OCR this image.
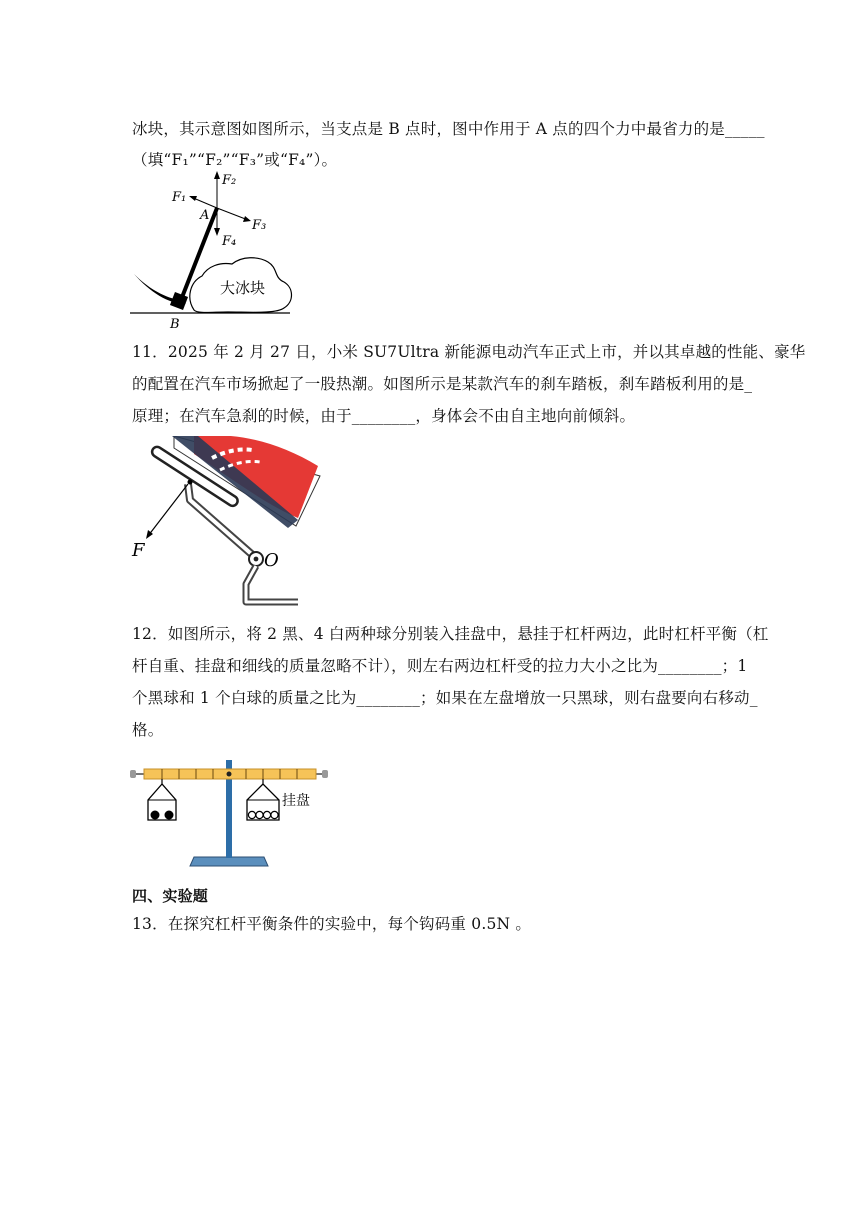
冰块，其示意图如图所示，当支点是 B 点时，图中作用于 A 点的四个力中最省力的是_____
（填“F₁”“F₂”“F₃”或“F₄”）。
大冰块
F₁
F₂
F₃
F₄
A
B
11．2025 年 2 月 27 日，小米 SU7Ultra 新能源电动汽车正式上市，并以其卓越的性能、豪华
的配置在汽车市场掀起了一股热潮。如图所示是某款汽车的刹车踏板，刹车踏板利用的是_
原理；在汽车急刹的时候，由于________，身体会不由自主地向前倾斜。
F	O
12．如图所示，将 2 黑、4 白两种球分别装入挂盘中，悬挂于杠杆两边，此时杠杆平衡（杠
杆自重、挂盘和细线的质量忽略不计），则左右两边杠杆受的拉力大小之比为________；1
个黑球和 1 个白球的质量之比为________；如果在左盘增放一只黑球，则右盘要向右移动_
格。
挂盘
四、实验题
13．在探究杠杆平衡条件的实验中，每个钩码重 0.5N 。
